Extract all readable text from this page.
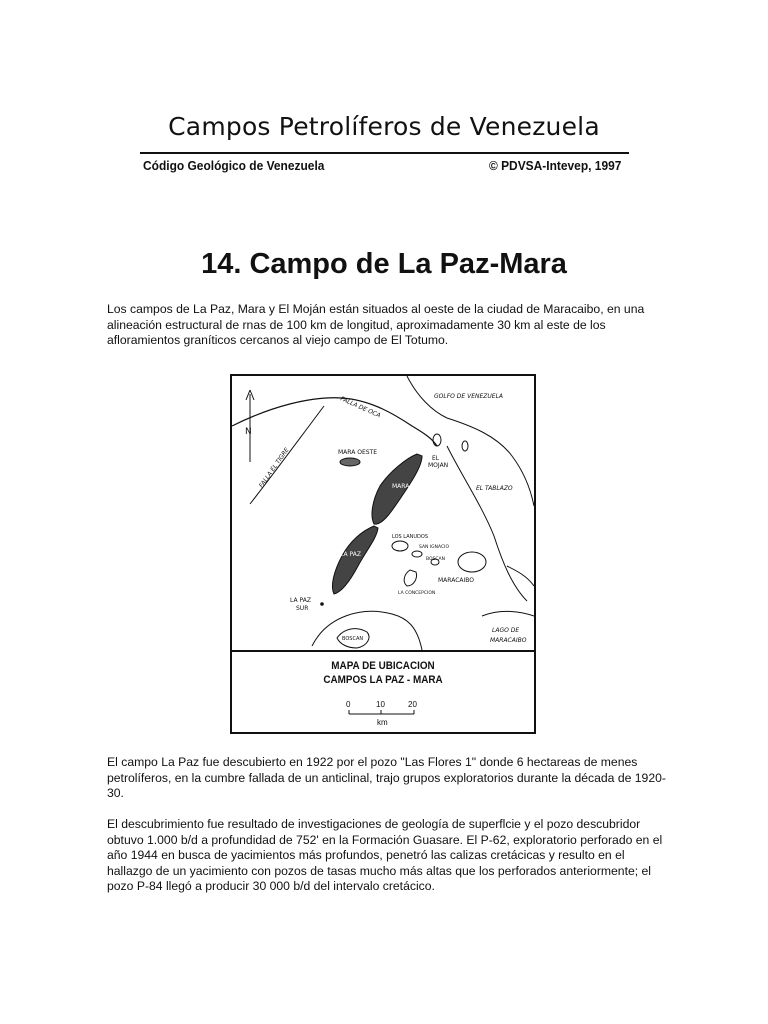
Campos Petrolíferos de Venezuela
Código Geológico de Venezuela	© PDVSA-Intevep, 1997
14. Campo de La Paz-Mara

Los campos de La Paz, Mara y El Moján están situados al oeste de la ciudad de Maracaibo, en una alineación estructural de rnas de 100 km de longitud, aproximadamente 30 km al este de los afloramientos graníticos cercanos al viejo campo de El Totumo.

GOLFO DE VENEZUELA
FALLA DE OCA
FALLA EL TIGRE
N
MARA OESTE
EL
MOJAN
MARA	EL TABLAZO
LOS LANUDOS
SAN IGNACIO
LA PAZ
BOSCAN
MARACAIBO
LA CONCEPCION
LA PAZ
SUR
BOSCAN
LAGO DE
MARACAIBO
MAPA DE UBICACION
CAMPOS LA PAZ - MARA
0	10	20
km

El campo La Paz fue descubierto en 1922 por el pozo "Las Flores 1" donde 6 hectareas de menes petrolíferos, en la cumbre fallada de un anticlinal, trajo grupos exploratorios durante la década de 1920-30.

El descubrimiento fue resultado de investigaciones de geología de superflcie y el pozo descubridor obtuvo 1.000 b/d a profundidad de 752' en la Formación Guasare. El P-62, exploratorio perforado en el año 1944 en busca de yacimientos más profundos, penetró las calizas cretácicas y resulto en el hallazgo de un yacimiento con pozos de tasas mucho más altas que los perforados anteriormente; el pozo P-84 llegó a producir 30 000 b/d del intervalo cretácico.
